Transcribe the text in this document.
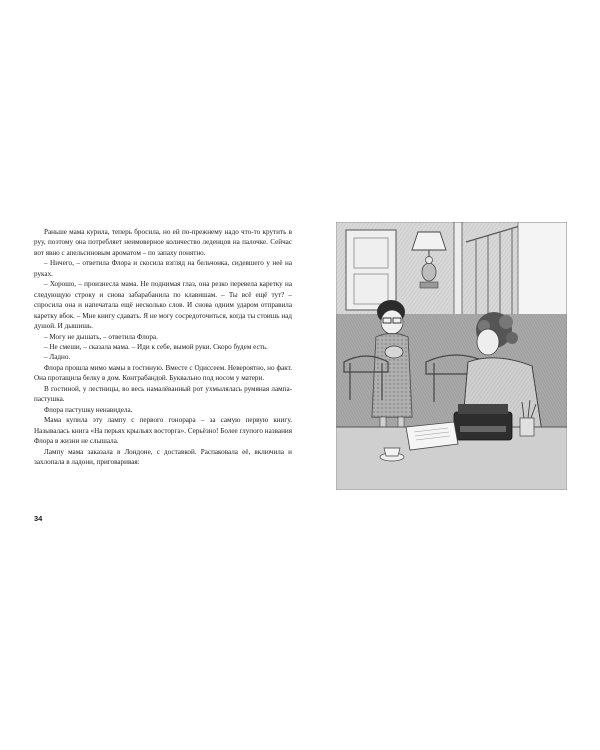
Раньше мама курила, теперь бросила, но ей по-прежнему надо что-то крутить в руу, поэтому она потребляет неимоверное количество леденцов на палочке. Сейчас вот явно с апельсиновым ароматом – по запаху понятно.

– Ничего, – ответила Флора и скосила взгляд на бельчонка, сидевшего у неё на руках.

– Хорошо, – произнесла мама. Не поднимая глаз, она резко перевела каретку на следующую строку и снова забарабанила по клавишам. – Ты всё ещё тут? – спросила она и напечатала ещё несколько слов. И снова одним ударом отправила каретку вбок. – Мне книгу сдавать. Я не могу сосредоточиться, когда ты стоишь над душой. И дышишь.

– Могу не дышать, – ответила Флора.

– Не смеши, – сказала мама. – Иди к себе, вымой руки. Скоро будем есть.

– Ладно.

Флора прошла мимо мамы в гостиную. Вместе с Одиссеем. Невероятно, но факт. Она протащила белку в дом. Контрабандой. Буквально под носом у матери.

В гостиной, у лестницы, во весь намалёванный рот ухмылялась румяная лампа-пастушка.

Флора пастушку ненавидела.

Мама купила эту лампу с первого гонорара – за самую первую книгу. Называлась книга «На перьях крыльях восторга». Серьёзно! Более глупого названия Флора в жизни не слышала.

Лампу мама заказала в Лондоне, с доставкой. Распаковала её, включила и захлопала в ладони, приговаривая:

34
